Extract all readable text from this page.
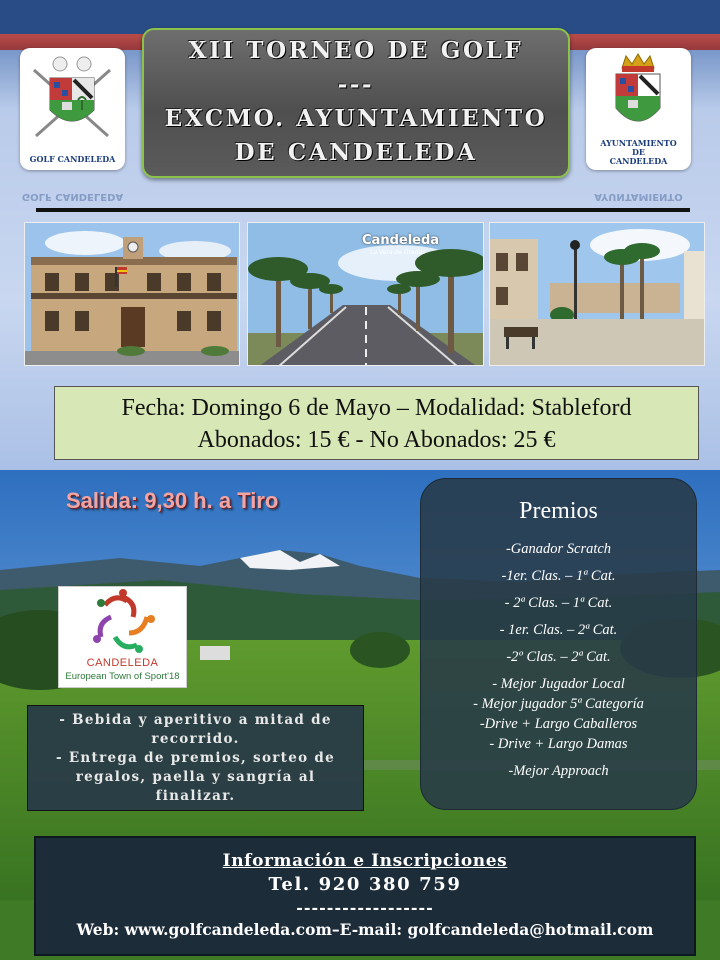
GOLF CANDELEDA
GOLF CANDELEDA
AYUNTAMIENTO
DE
CANDELEDA
AYUNTAMIENTO
XII TORNEO DE GOLF
---
EXCMO. AYUNTAMIENTO
DE CANDELEDA
Candeleda
La Vera de Gredos
Fecha: Domingo 6 de Mayo – Modalidad: Stableford
Abonados: 15 € - No Abonados: 25 €
Salida: 9,30 h. a Tiro	Premios
-Ganador Scratch
-1er. Clas. – 1ª Cat.
- 2ª Clas. – 1ª Cat.
- 1er. Clas. – 2ª Cat.
-2º Clas. – 2ª Cat.
- Mejor Jugador Local
- Mejor jugador 5ª Categoría
-Drive + Largo Caballeros
- Drive + Largo Damas
-Mejor Approach
CANDELEDA
European Town of Sport'18
- Bebida y aperitivo a mitad de
recorrido.
- Entrega de premios, sorteo de
regalos, paella y sangría al
finalizar.
Información e Inscripciones
Tel. 920 380 759
------------------
Web: www.golfcandeleda.com–E-mail: golfcandeleda@hotmail.com
